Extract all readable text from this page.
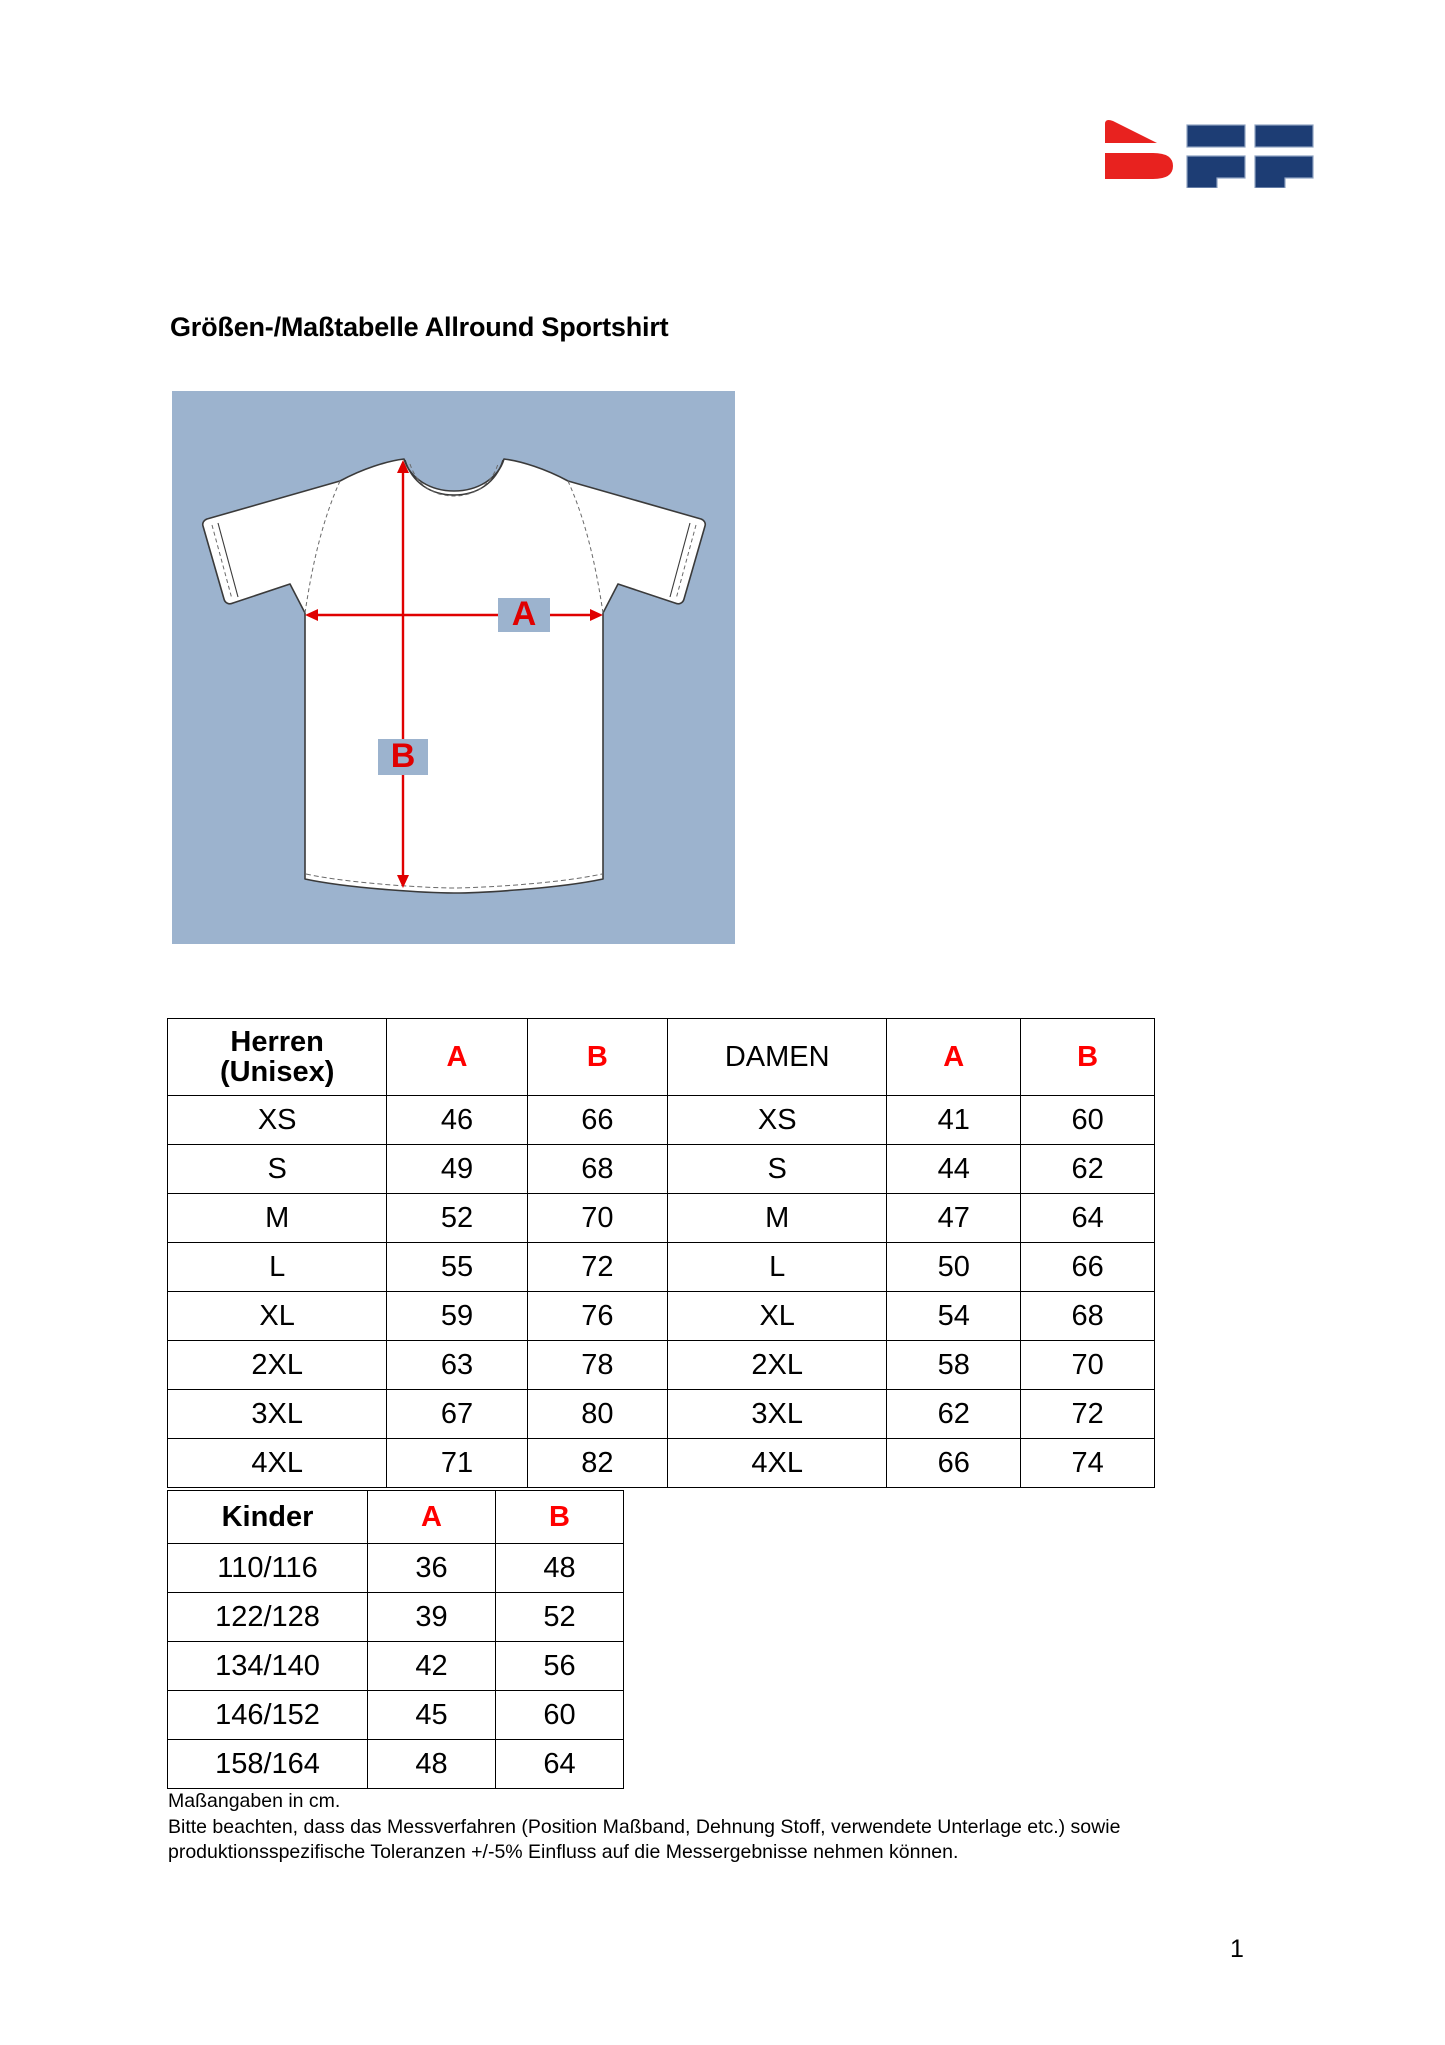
Größen-/Maßtabelle Allround Sportshirt
A
B
Herren
(Unisex)	A	B	DAMEN	A	B
XS	46	66	XS	41	60
S	49	68	S	44	62
M	52	70	M	47	64
L	55	72	L	50	66
XL	59	76	XL	54	68
2XL	63	78	2XL	58	70
3XL	67	80	3XL	62	72
4XL	71	82	4XL	66	74
Kinder	A	B
110/116	36	48
122/128	39	52
134/140	42	56
146/152	45	60
158/164	48	64
Maßangaben in cm.
Bitte beachten, dass das Messverfahren (Position Maßband, Dehnung Stoff, verwendete Unterlage etc.) sowie
produktionsspezifische Toleranzen +/-5% Einfluss auf die Messergebnisse nehmen können.
1
